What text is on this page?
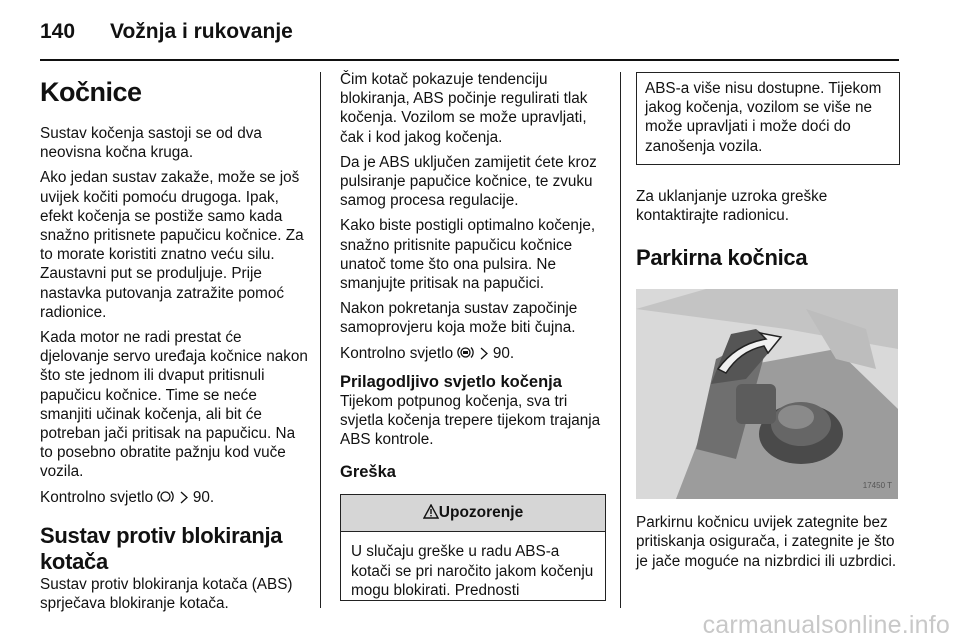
140 Vožnja i rukovanje
Kočnice

Sustav kočenja sastoji se od dva neovisna kočna kruga.

Ako jedan sustav zakaže, može se još uvijek kočiti pomoću drugoga. Ipak, efekt kočenja se postiže samo kada snažno pritisnete papučicu kočnice. Za to morate koristiti znatno veću silu. Zaustavni put se produljuje. Prije nastavka putovanja zatražite pomoć radionice.

Kada motor ne radi prestat će djelovanje servo uređaja kočnice nakon što ste jednom ili dvaput pritisnuli papučicu kočnice. Time se neće smanjiti učinak kočenja, ali bit će potreban jači pritisak na papučicu. Na to posebno obratite pažnju kod vuče vozila.

Kontrolno svjetlo	90.

Sustav protiv blokiranja kotača

Sustav protiv blokiranja kotača (ABS) sprječava blokiranje kotača.

Čim kotač pokazuje tendenciju blokiranja, ABS počinje regulirati tlak kočenja. Vozilom se može upravljati, čak i kod jakog kočenja.

Da je ABS uključen zamijetit ćete kroz pulsiranje papučice kočnice, te zvuku samog procesa regulacije.

Kako biste postigli optimalno kočenje, snažno pritisnite papučicu kočnice unatoč tome što ona pulsira. Ne smanjujte pritisak na papučici.

Nakon pokretanja sustav započinje samoprovjeru koja može biti čujna.

Kontrolno svjetlo	90.

Prilagodljivo svjetlo kočenja

Tijekom potpunog kočenja, sva tri svjetla kočenja trepere tijekom trajanja ABS kontrole.

Greška
Upozorenje
U slučaju greške u radu ABS-a kotači se pri naročito jakom kočenju mogu blokirati. Prednosti
ABS-a više nisu dostupne. Tijekom jakog kočenja, vozilom se više ne može upravljati i može doći do zanošenja vozila.

Za uklanjanje uzroka greške kontaktirajte radionicu.

Parkirna kočnica
17450 T

Parkirnu kočnicu uvijek zategnite bez pritiskanja osigurača, i zategnite je što je jače moguće na nizbrdici ili uzbrdici.

carmanualsonline.info
